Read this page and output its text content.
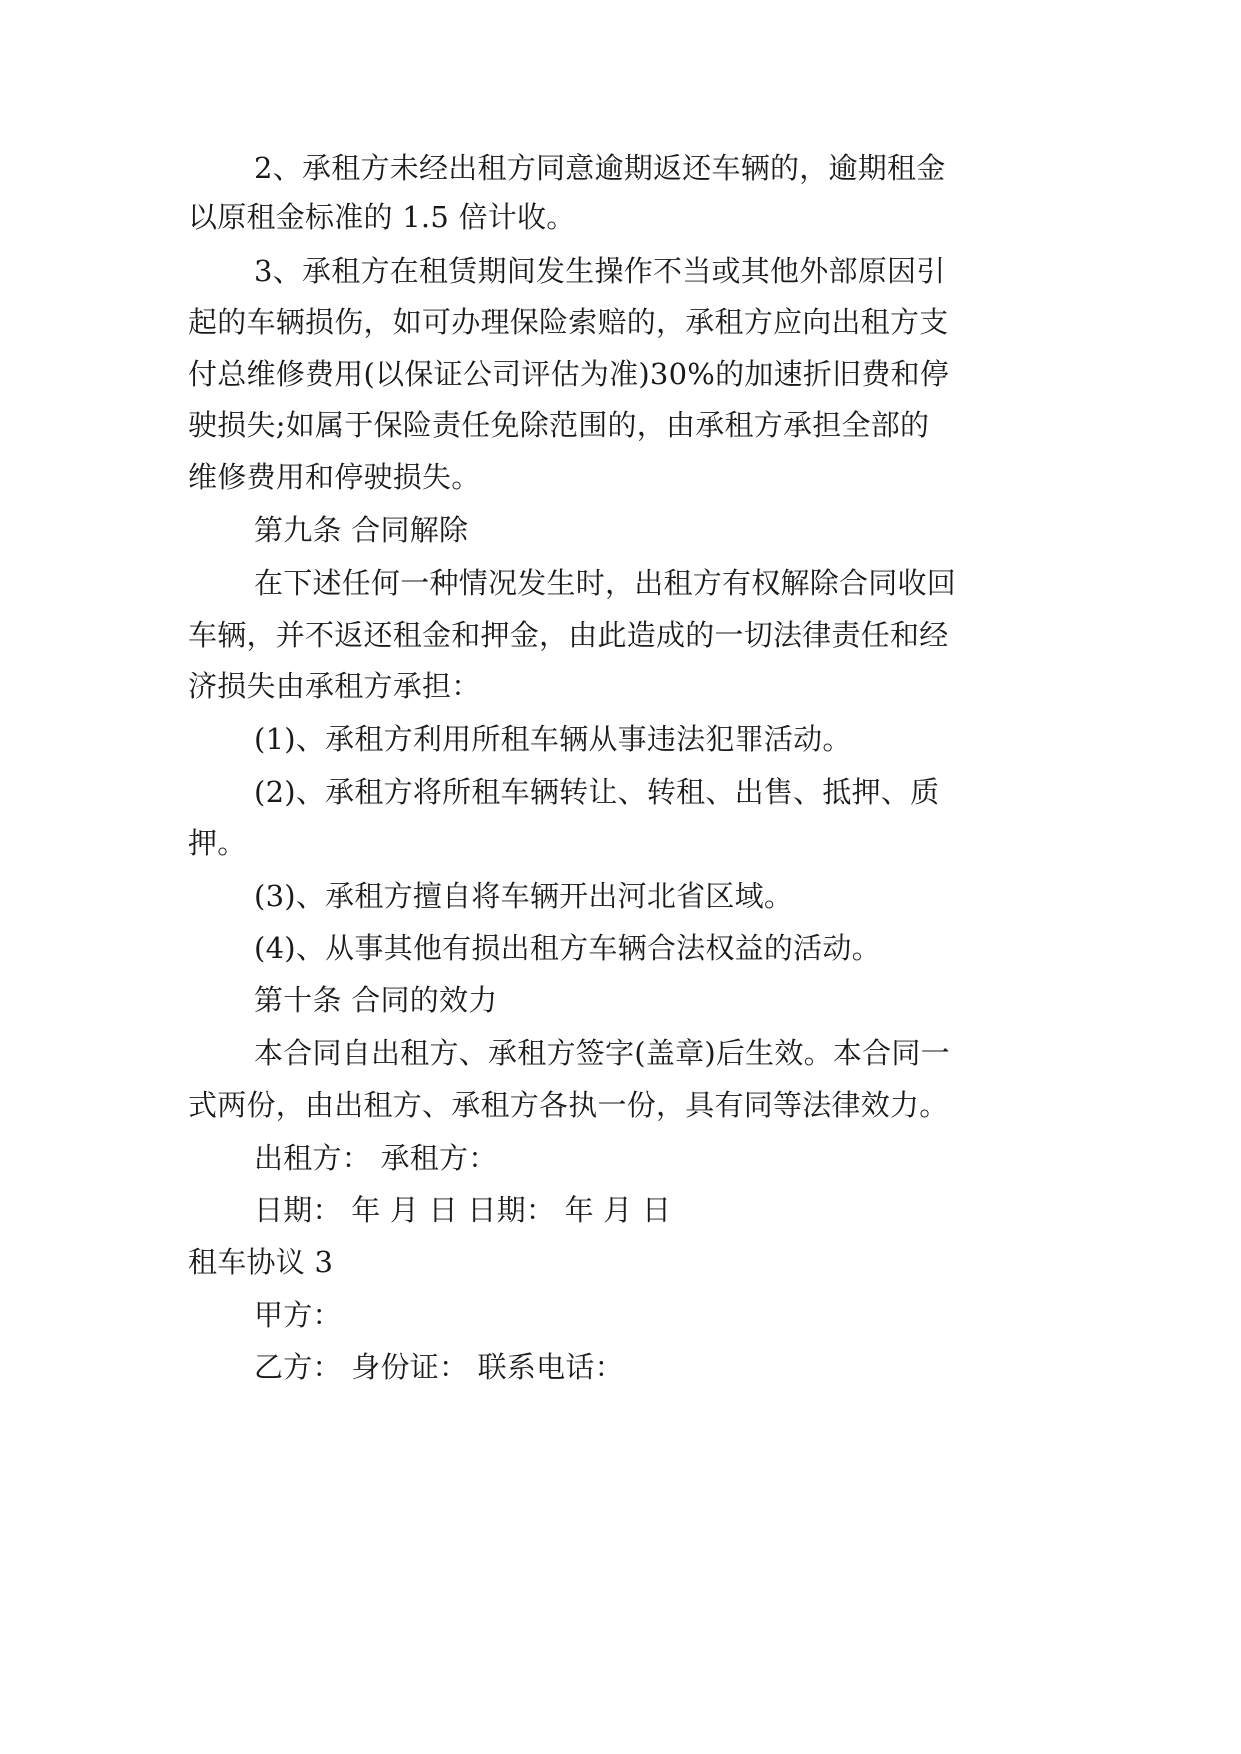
2、承租方未经出租方同意逾期返还车辆的，逾期租金
以原租金标准的 1.5 倍计收。
3、承租方在租赁期间发生操作不当或其他外部原因引
起的车辆损伤，如可办理保险索赔的，承租方应向出租方支
付总维修费用(以保证公司评估为准)30%的加速折旧费和停
驶损失;如属于保险责任免除范围的，由承租方承担全部的
维修费用和停驶损失。
第九条 合同解除
在下述任何一种情况发生时，出租方有权解除合同收回
车辆，并不返还租金和押金，由此造成的一切法律责任和经
济损失由承租方承担：
(1)、承租方利用所租车辆从事违法犯罪活动。
(2)、承租方将所租车辆转让、转租、出售、抵押、质
押。
(3)、承租方擅自将车辆开出河北省区域。
(4)、从事其他有损出租方车辆合法权益的活动。
第十条 合同的效力
本合同自出租方、承租方签字(盖章)后生效。本合同一
式两份，由出租方、承租方各执一份，具有同等法律效力。
出租方： 承租方：
日期： 年 月 日 日期： 年 月 日
租车协议 3
甲方：
乙方： 身份证： 联系电话：
